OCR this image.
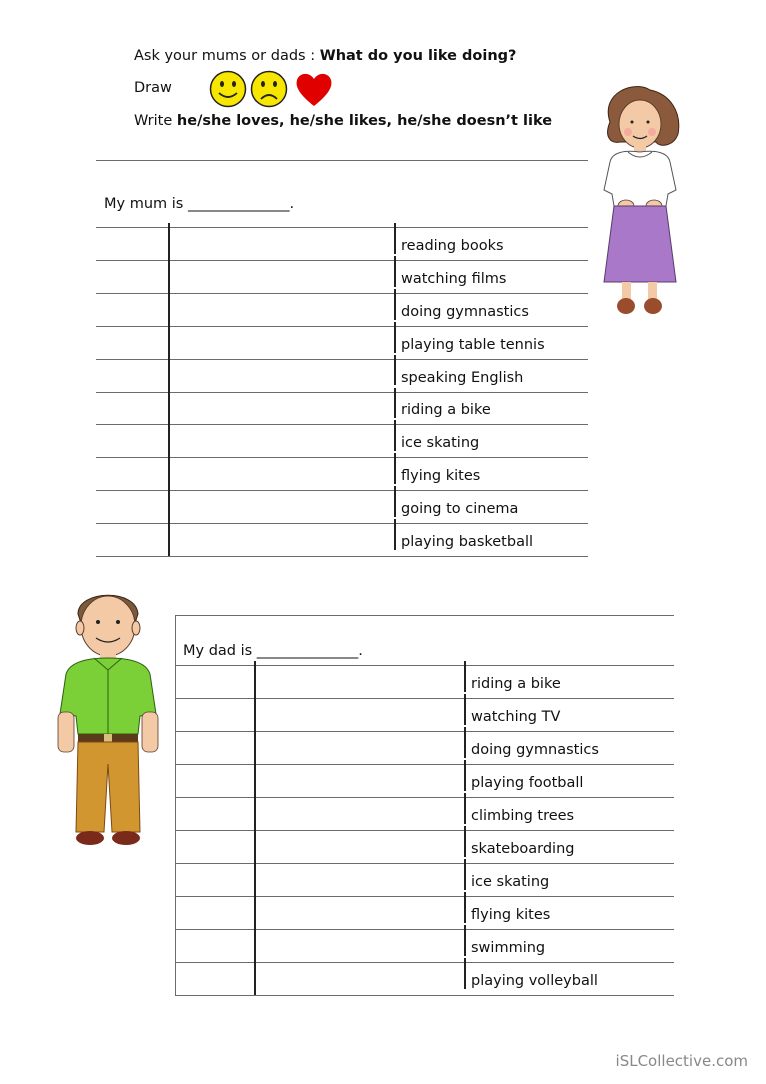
Ask your mums or dads : What do you like doing?
Draw
Write he/she loves, he/she likes, he/she doesn’t like
My mum is ______________.
reading books
watching films
doing gymnastics
playing table tennis
speaking English
riding a bike
ice skating
flying kites
going to cinema
playing basketball
My dad is ______________.
riding a bike
watching TV
doing gymnastics
playing football
climbing trees
skateboarding
ice skating
flying kites
swimming
playing volleyball
iSLCollective.com
